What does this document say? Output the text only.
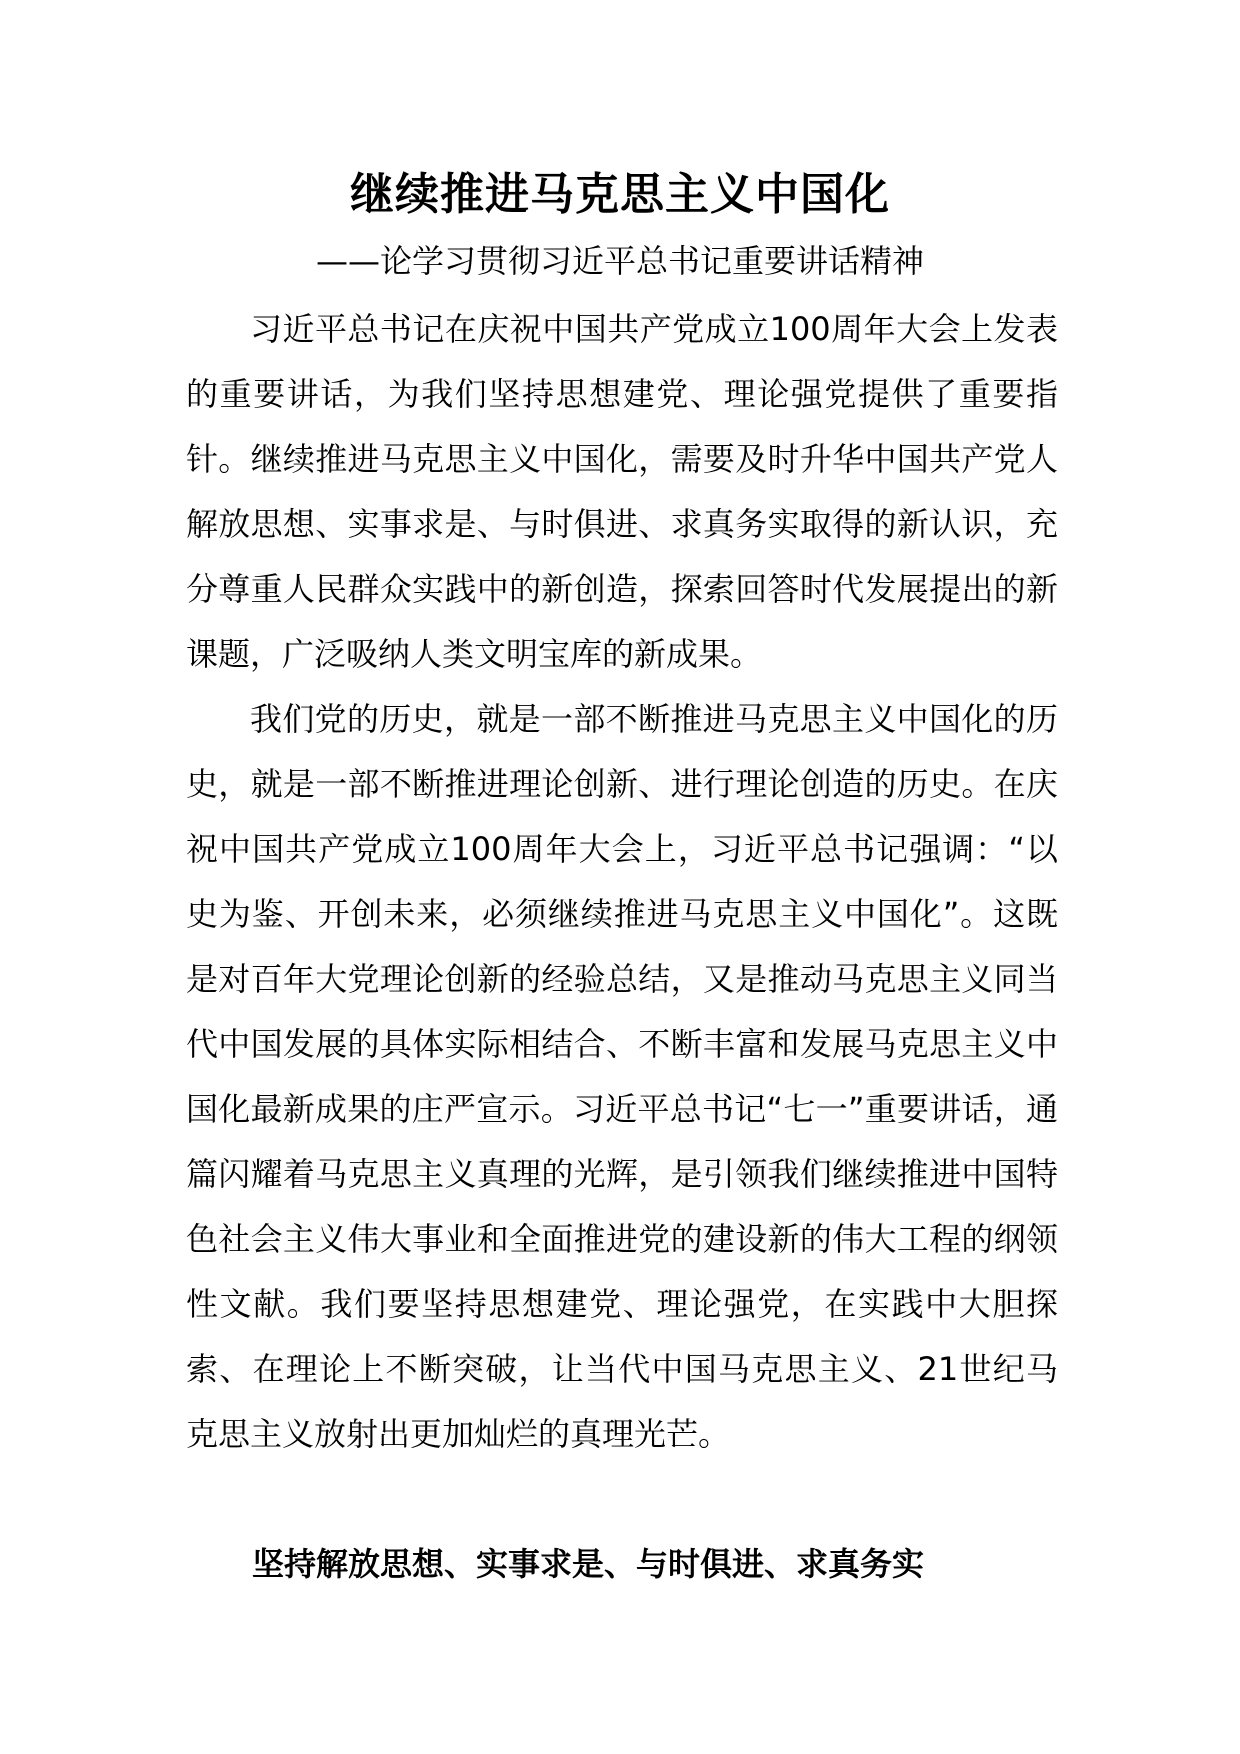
继续推进马克思主义中国化

——论学习贯彻习近平总书记重要讲话精神

习近平总书记在庆祝中国共产党成立100周年大会上发表的重要讲话，为我们坚持思想建党、理论强党提供了重要指针。继续推进马克思主义中国化，需要及时升华中国共产党人解放思想、实事求是、与时俱进、求真务实取得的新认识，充分尊重人民群众实践中的新创造，探索回答时代发展提出的新课题，广泛吸纳人类文明宝库的新成果。

我们党的历史，就是一部不断推进马克思主义中国化的历史，就是一部不断推进理论创新、进行理论创造的历史。在庆祝中国共产党成立100周年大会上，习近平总书记强调：“以史为鉴、开创未来，必须继续推进马克思主义中国化”。这既是对百年大党理论创新的经验总结，又是推动马克思主义同当代中国发展的具体实际相结合、不断丰富和发展马克思主义中国化最新成果的庄严宣示。习近平总书记“七一”重要讲话，通篇闪耀着马克思主义真理的光辉，是引领我们继续推进中国特色社会主义伟大事业和全面推进党的建设新的伟大工程的纲领性文献。我们要坚持思想建党、理论强党，在实践中大胆探索、在理论上不断突破，让当代中国马克思主义、21世纪马克思主义放射出更加灿烂的真理光芒。

坚持解放思想、实事求是、与时俱进、求真务实
